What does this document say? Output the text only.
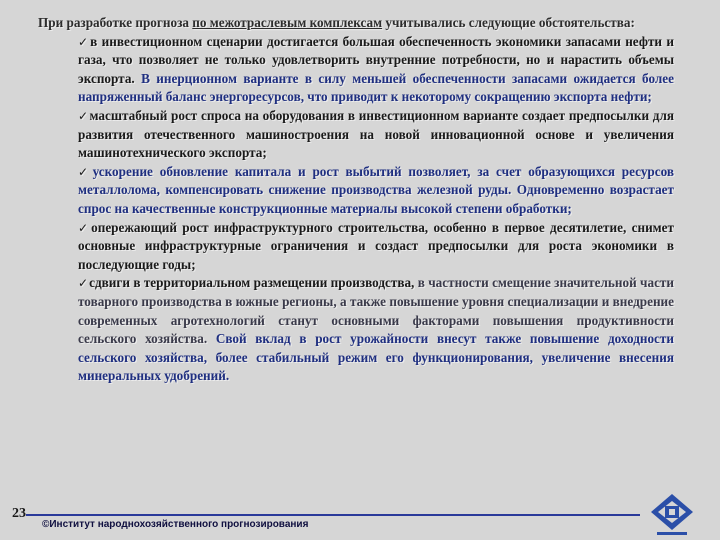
При разработке прогноза по межотраслевым комплексам учитывались следующие обстоятельства:

✓в инвестиционном сценарии достигается большая обеспеченность экономики запасами нефти и газа, что позволяет не только удовлетворить внутренние потребности, но и нарастить объемы экспорта. В инерционном варианте в силу меньшей обеспеченности запасами ожидается более напряженный баланс энергоресурсов, что приводит к некоторому сокращению экспорта нефти;
✓масштабный рост спроса на оборудования в инвестиционном варианте создает предпосылки для развития отечественного машиностроения на новой инновационной основе и увеличения машинотехнического экспорта;
✓ускорение обновление капитала и рост выбытий позволяет, за счет образующихся ресурсов металлолома, компенсировать снижение производства железной руды. Одновременно возрастает спрос на качественные конструкционные материалы высокой степени обработки;
✓опережающий рост инфраструктурного строительства, особенно в первое десятилетие, снимет основные инфраструктурные ограничения и создаст предпосылки для роста экономики в последующие годы;
✓сдвиги в территориальном размещении производства, в частности смещение значительной части товарного производства в южные регионы, а также повышение уровня специализации и внедрение современных агротехнологий станут основными факторами повышения продуктивности сельского хозяйства. Свой вклад в рост урожайности внесут также повышение доходности сельского хозяйства, более стабильный режим его функционирования, увеличение внесения минеральных удобрений.
23
©Институт народнохозяйственного прогнозирования
